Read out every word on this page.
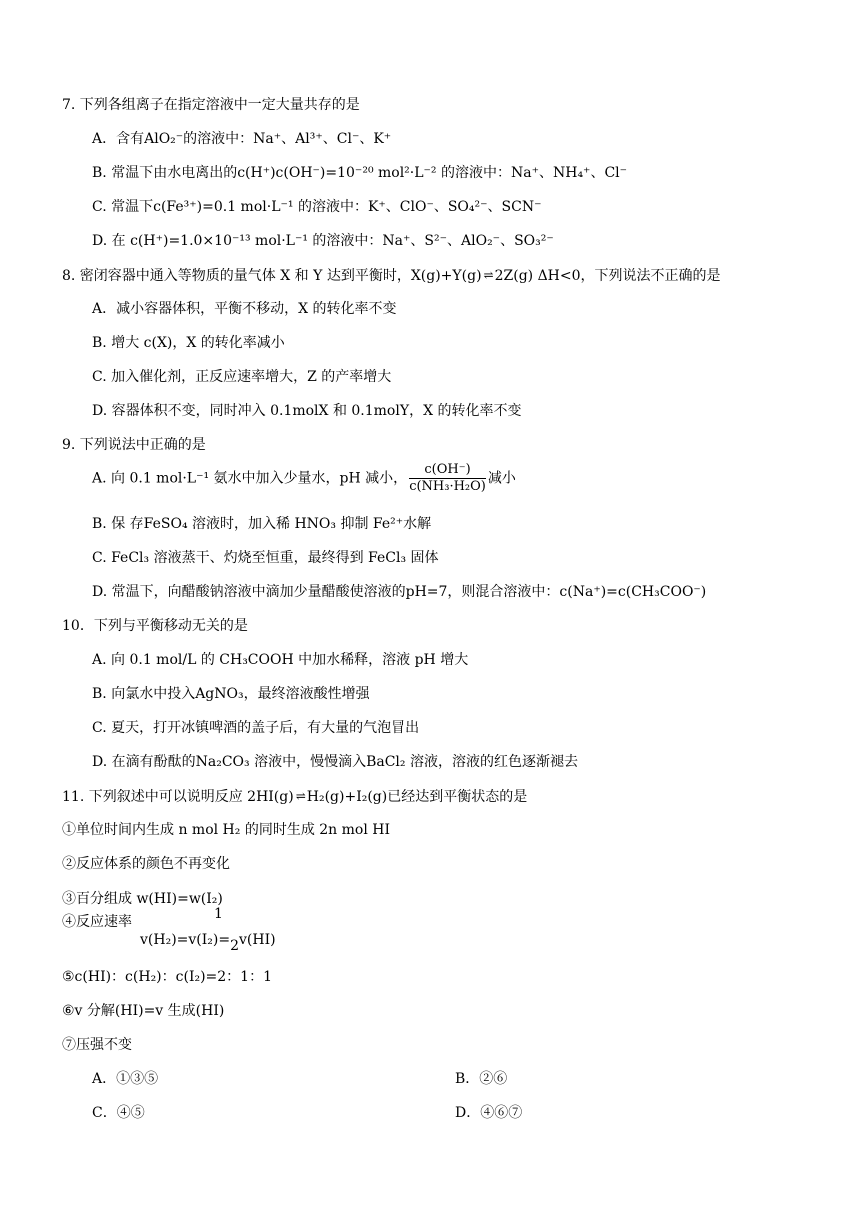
7. 下列各组离子在指定溶液中一定大量共存的是
A．含有AlO₂⁻的溶液中：Na⁺、Al³⁺、Cl⁻、K⁺
B. 常温下由水电离出的c(H⁺)c(OH⁻)=10⁻²⁰ mol²·L⁻² 的溶液中：Na⁺、NH₄⁺、Cl⁻
C. 常温下c(Fe³⁺)=0.1 mol·L⁻¹ 的溶液中：K⁺、ClO⁻、SO₄²⁻、SCN⁻
D. 在 c(H⁺)=1.0×10⁻¹³ mol·L⁻¹ 的溶液中：Na⁺、S²⁻、AlO₂⁻、SO₃²⁻
8. 密闭容器中通入等物质的量气体 X 和 Y 达到平衡时，X(g)+Y(g) ⇌ 2Z(g) ΔH<0，下列说法不正确的是
A．减小容器体积，平衡不移动，X 的转化率不变
B. 增大 c(X)，X 的转化率减小
C. 加入催化剂，正反应速率增大，Z 的产率增大
D. 容器体积不变，同时冲入 0.1molX 和 0.1molY，X 的转化率不变
9. 下列说法中正确的是
A. 向 0.1 mol·L⁻¹ 氨水中加入少量水，pH 减小， $\frac{c(OH^-)}{\text{c(NH₃·H₂O)}}$ 减小
B. 保 存FeSO₄ 溶液时，加入稀 HNO₃ 抑制 Fe²⁺水解
C. FeCl₃ 溶液蒸干、灼烧至恒重，最终得到 FeCl₃ 固体
D. 常温下，向醋酸钠溶液中滴加少量醋酸使溶液的pH=7，则混合溶液中：c(Na⁺)=c(CH₃COO⁻)
10．下列与平衡移动无关的是
A. 向 0.1 mol/L 的 CH₃COOH 中加水稀释，溶液 pH 增大
B. 向氯水中投入AgNO₃，最终溶液酸性增强
C. 夏天，打开冰镇啤酒的盖子后，有大量的气泡冒出
D. 在滴有酚酞的Na₂CO₃ 溶液中，慢慢滴入BaCl₂ 溶液，溶液的红色逐渐褪去
11. 下列叙述中可以说明反应 2HI(g) ⇌ H₂(g)+I₂(g)已经达到平衡状态的是
①单位时间内生成 n mol H₂ 的同时生成 2n mol HI
②反应体系的颜色不再变化
③百分组成 w(HI)=w(I₂)
④反应速率	1
v(H₂)=v(I₂)=2v(HI)
⑤c(HI)：c(H₂)：c(I₂)=2：1：1
⑥v 分解(HI)=v 生成(HI)
⑦压强不变
A．①③⑤	B．②⑥
C．④⑤	D．④⑥⑦
